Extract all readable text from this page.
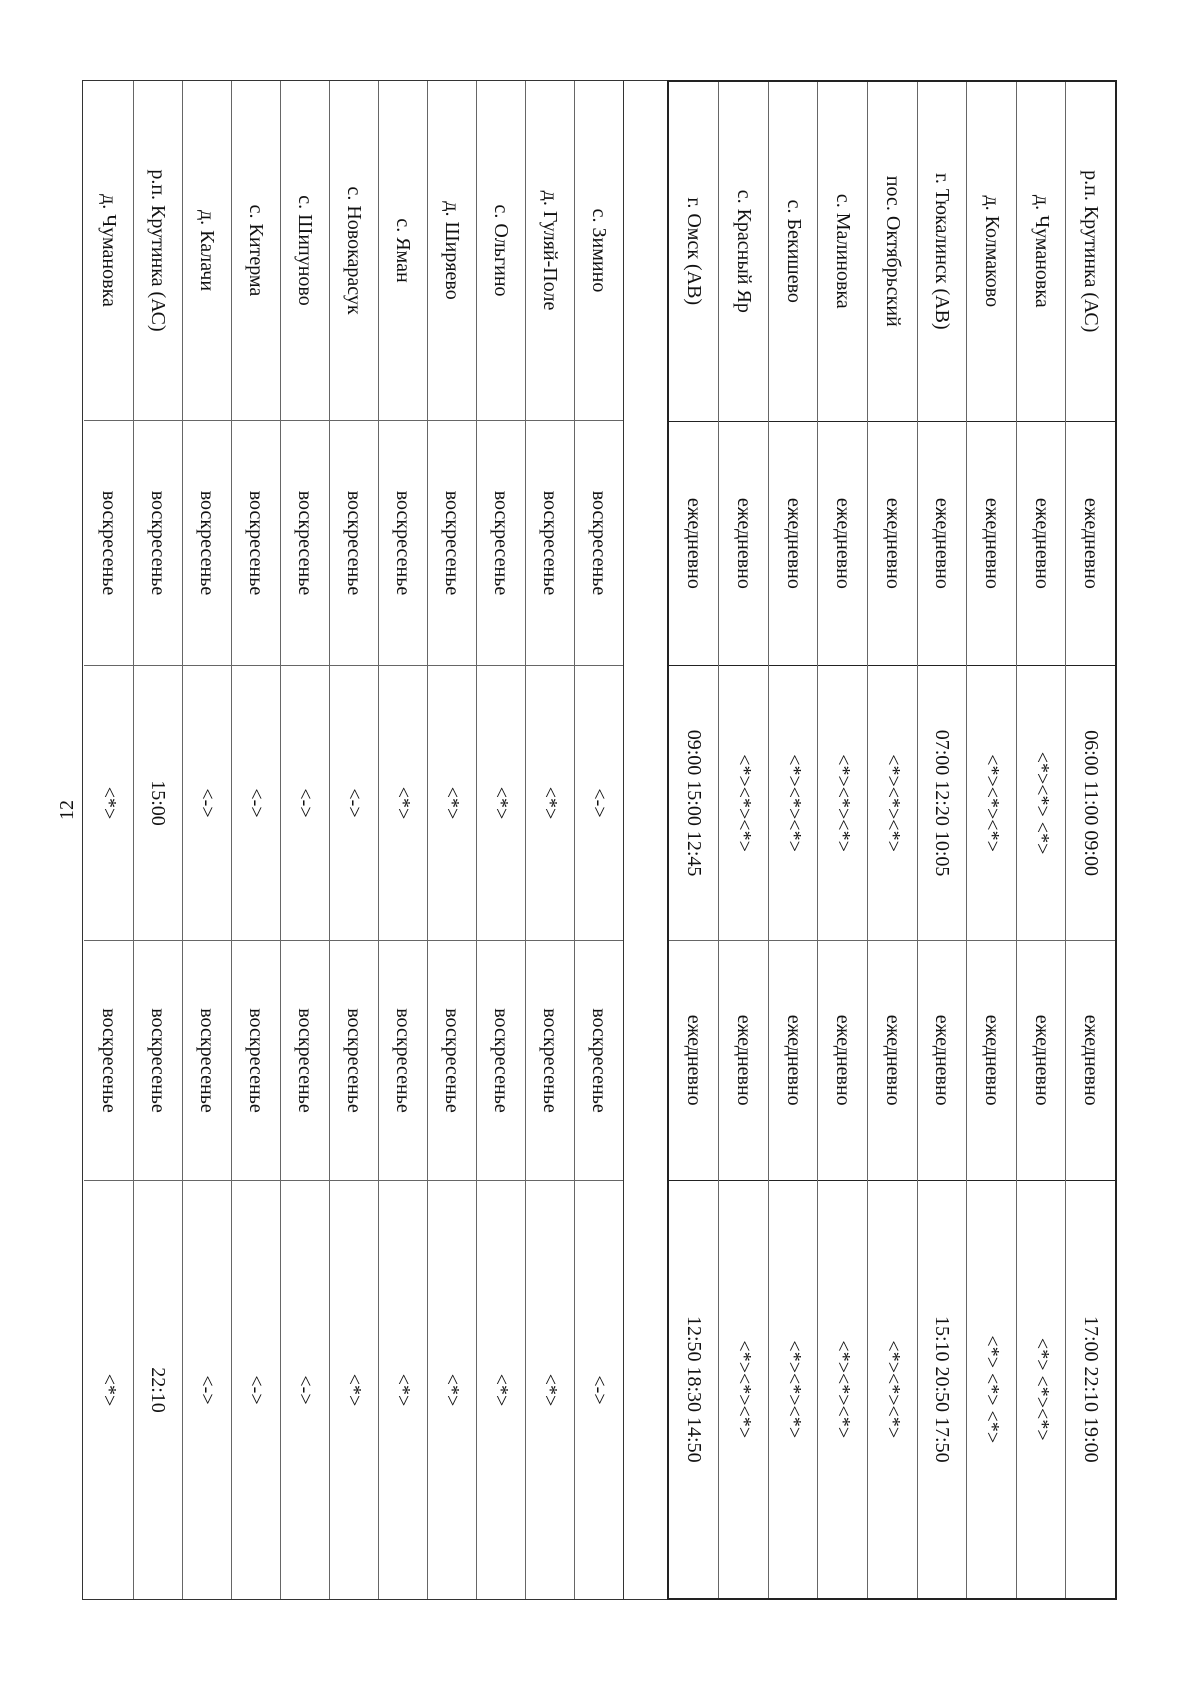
12
р.п. Крутинка (АС)
ежедневно
06:00 11:00 09:00
ежедневно
17:00 22:10 19:00
д. Чумановка
ежедневно
<*><*> <*>
ежедневно
<*> <*><*>
д. Колмаково
ежедневно
<*><*><*>
ежедневно
<*> <*> <*>
г. Тюкалинск (АВ)
ежедневно
07:00 12:20 10:05
ежедневно
15:10 20:50 17:50
пос. Октябрьский
ежедневно
<*><*><*>
ежедневно
<*><*><*>
с. Малиновка
ежедневно
<*><*><*>
ежедневно
<*><*><*>
с. Бекишево
ежедневно
<*><*><*>
ежедневно
<*><*><*>
с. Красный Яр
ежедневно
<*><*><*>
ежедневно
<*><*><*>
г. Омск (АВ)
ежедневно
09:00 15:00 12:45
ежедневно
12:50 18:30 14:50
с. Зимино
воскресенье
<->
воскресенье
<->
д. Гуляй-Поле
воскресенье
<*>
воскресенье
<*>
с. Ольгино
воскресенье
<*>
воскресенье
<*>
д. Ширяево
воскресенье
<*>
воскресенье
<*>
с. Яман
воскресенье
<*>
воскресенье
<*>
с. Новокарасук
воскресенье
<->
воскресенье
<*>
с. Шипуново
воскресенье
<->
воскресенье
<->
с. Китерма
воскресенье
<->
воскресенье
<->
д. Калачи
воскресенье
<->
воскресенье
<->
р.п. Крутинка (АС)
воскресенье
15:00
воскресенье
22:10
д. Чумановка
воскресенье
<*>
воскресенье
<*>
